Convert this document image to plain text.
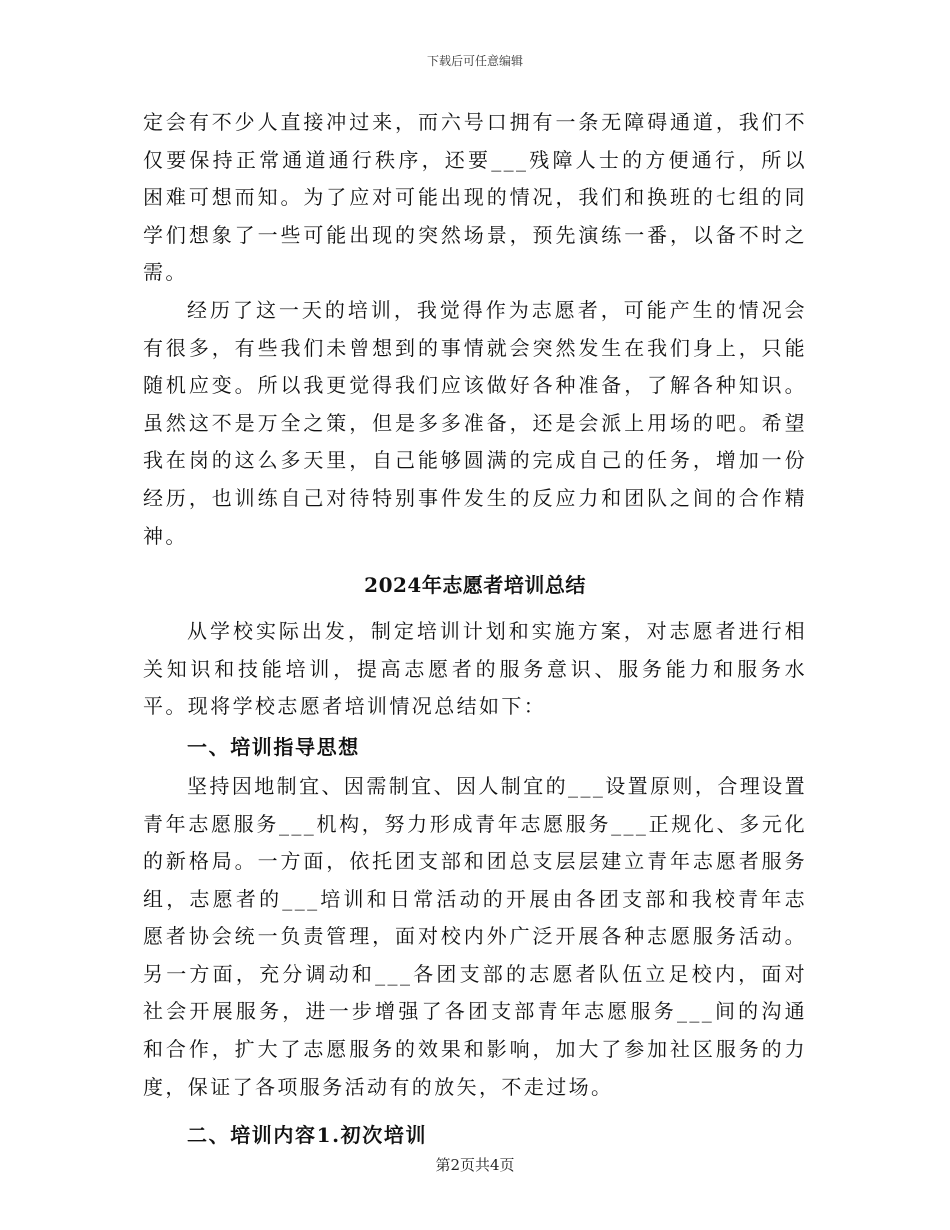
下载后可任意编辑

定会有不少人直接冲过来，而六号口拥有一条无障碍通道，我们不仅要保持正常通道通行秩序，还要___残障人士的方便通行，所以困难可想而知。为了应对可能出现的情况，我们和换班的七组的同学们想象了一些可能出现的突然场景，预先演练一番，以备不时之需。

经历了这一天的培训，我觉得作为志愿者，可能产生的情况会有很多，有些我们未曾想到的事情就会突然发生在我们身上，只能随机应变。所以我更觉得我们应该做好各种准备，了解各种知识。虽然这不是万全之策，但是多多准备，还是会派上用场的吧。希望我在岗的这么多天里，自己能够圆满的完成自己的任务，增加一份经历，也训练自己对待特别事件发生的反应力和团队之间的合作精神。

2024年志愿者培训总结

从学校实际出发，制定培训计划和实施方案，对志愿者进行相关知识和技能培训，提高志愿者的服务意识、服务能力和服务水平。现将学校志愿者培训情况总结如下：

一、培训指导思想

坚持因地制宜、因需制宜、因人制宜的___设置原则，合理设置青年志愿服务___机构，努力形成青年志愿服务___正规化、多元化的新格局。一方面，依托团支部和团总支层层建立青年志愿者服务组，志愿者的___培训和日常活动的开展由各团支部和我校青年志愿者协会统一负责管理，面对校内外广泛开展各种志愿服务活动。另一方面，充分调动和___各团支部的志愿者队伍立足校内，面对社会开展服务，进一步增强了各团支部青年志愿服务___间的沟通和合作，扩大了志愿服务的效果和影响，加大了参加社区服务的力度，保证了各项服务活动有的放矢，不走过场。

二、培训内容1.初次培训
第2页共4页
